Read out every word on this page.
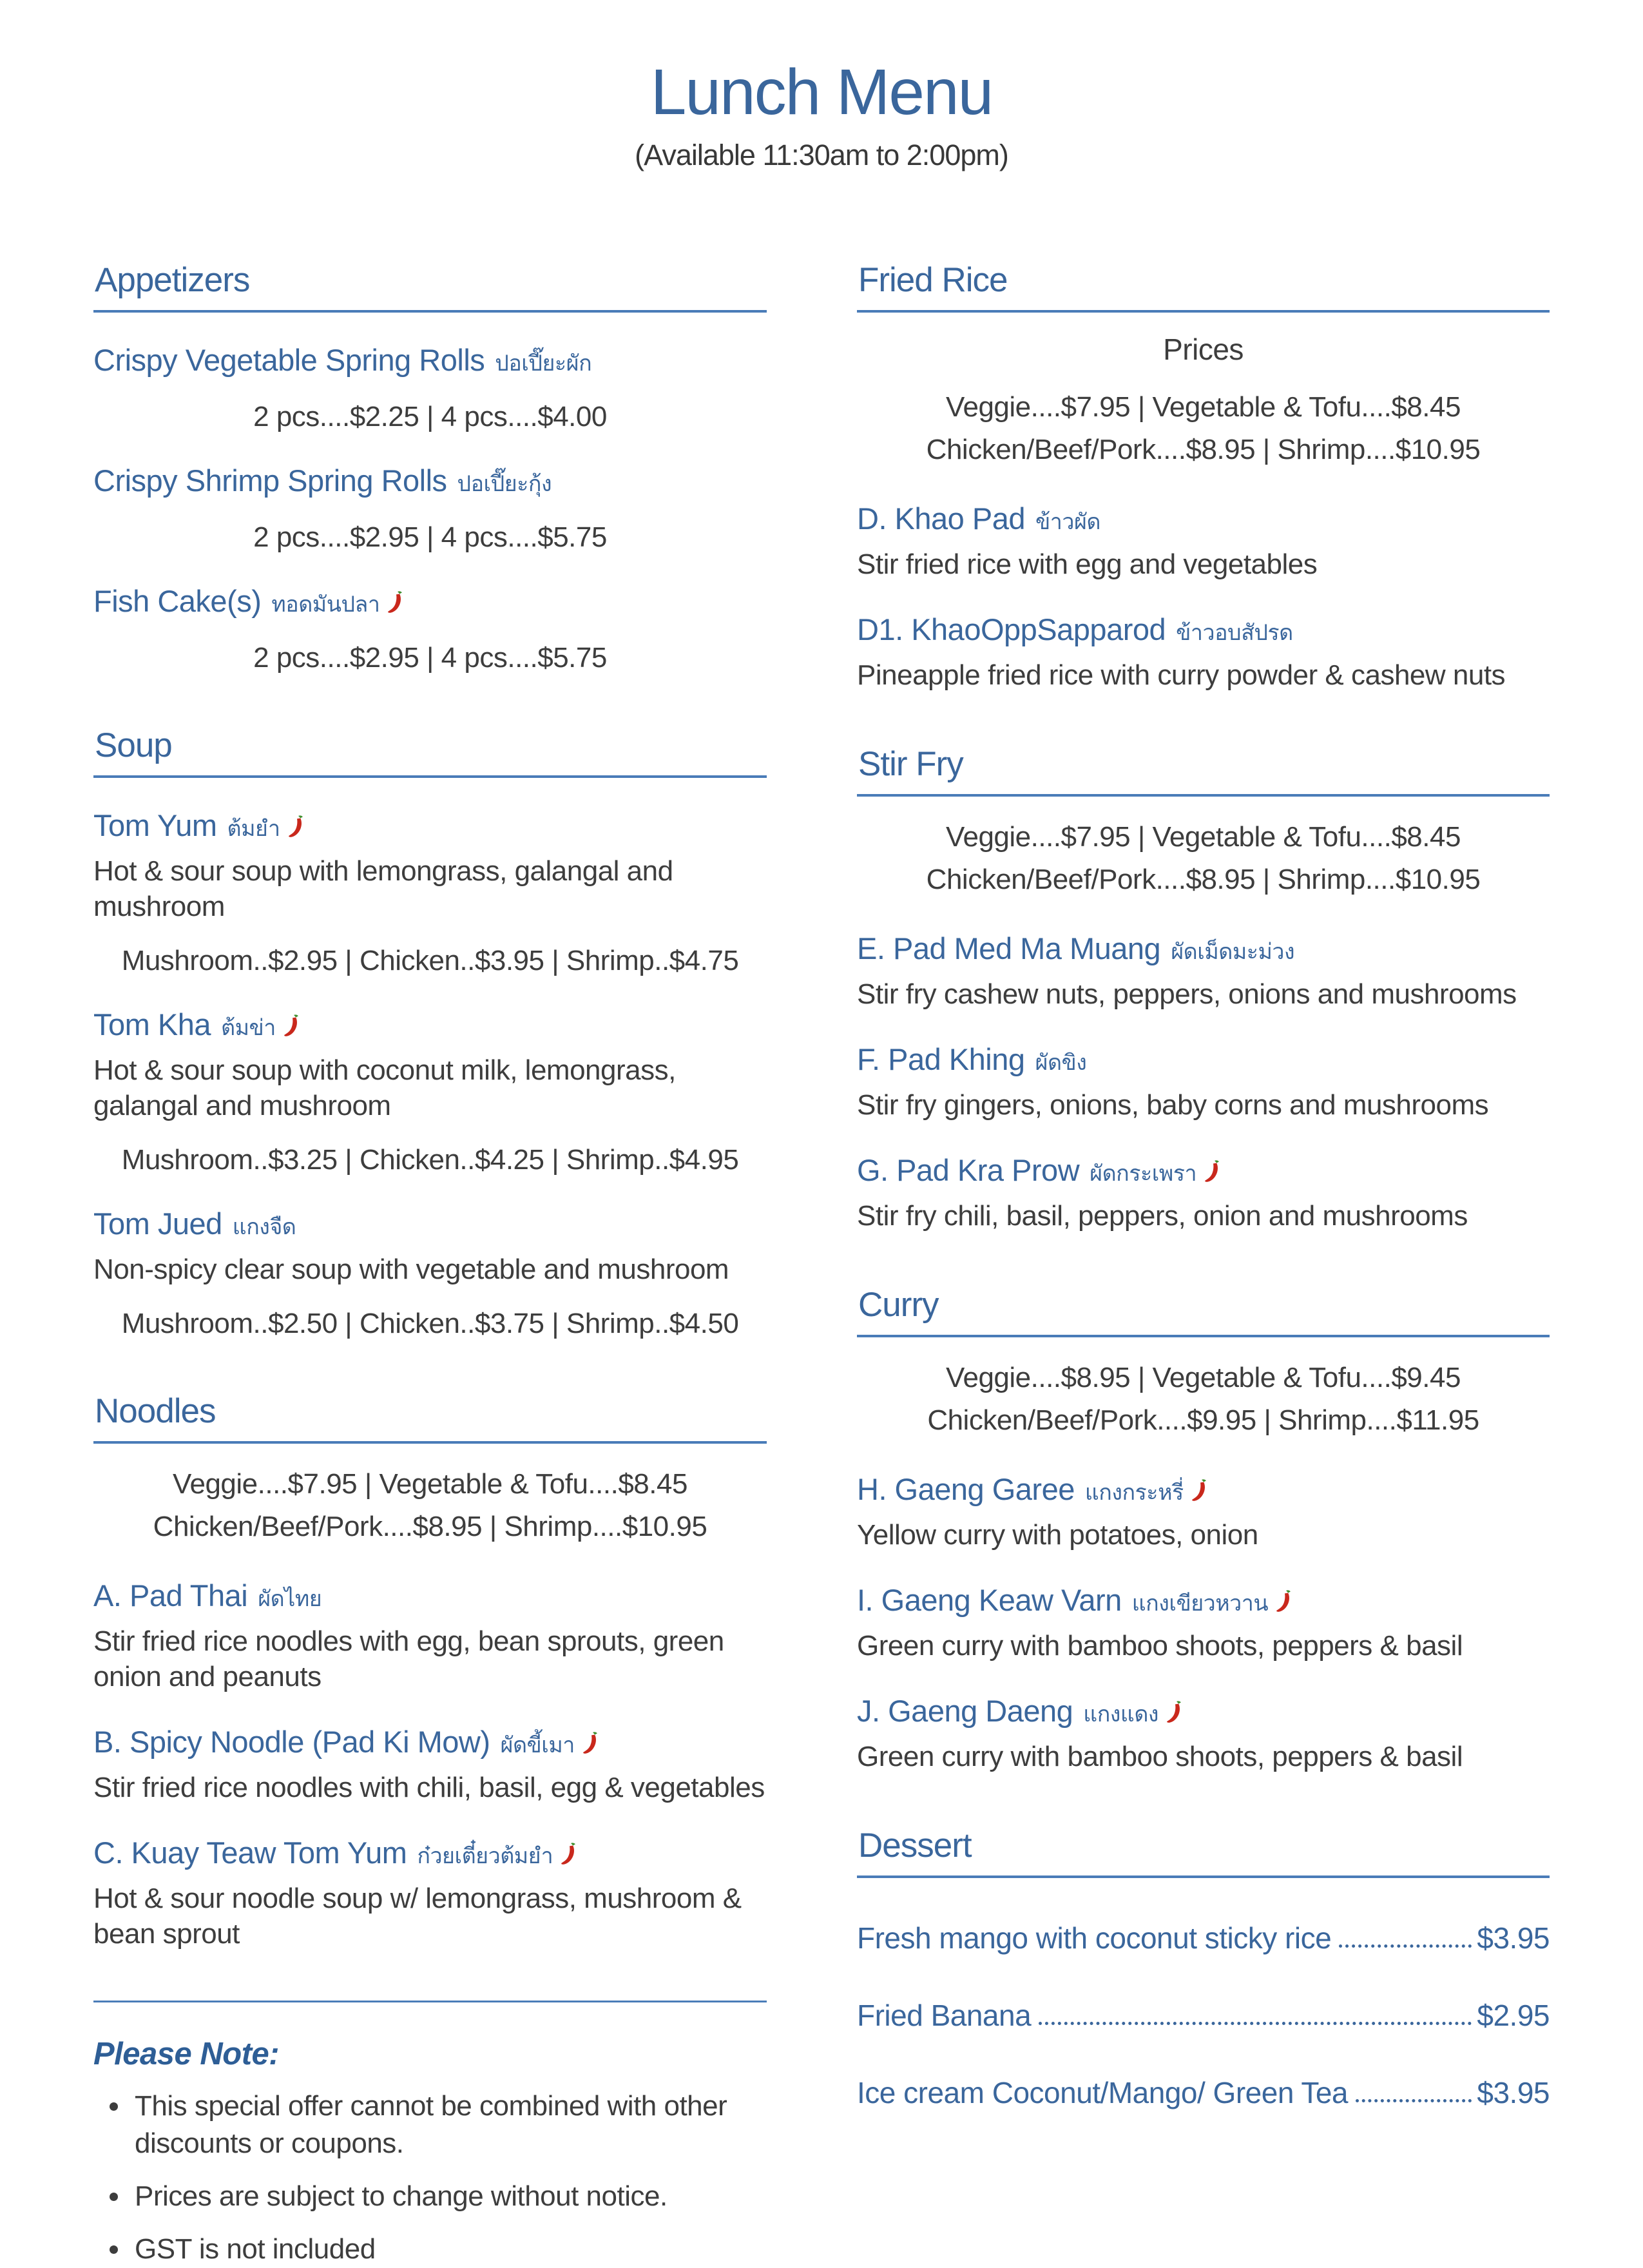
Lunch Menu
(Available 11:30am to 2:00pm)
Appetizers
Crispy Vegetable Spring Rolls ปอเปี๊ยะผัก
2 pcs....$2.25 | 4 pcs....$4.00
Crispy Shrimp Spring Rolls ปอเปี๊ยะกุ้ง
2 pcs....$2.95 | 4 pcs....$5.75
Fish Cake(s) ทอดมันปลา
2 pcs....$2.95 | 4 pcs....$5.75
Soup
Tom Yum ต้มยำ

Hot & sour soup with lemongrass, galangal and mushroom

Mushroom..$2.95 | Chicken..$3.95 | Shrimp..$4.75
Tom Kha ต้มข่า

Hot & sour soup with coconut milk, lemongrass, galangal and mushroom

Mushroom..$3.25 | Chicken..$4.25 | Shrimp..$4.95
Tom Jued แกงจืด

Non-spicy clear soup with vegetable and mushroom

Mushroom..$2.50 | Chicken..$3.75 | Shrimp..$4.50
Noodles
Veggie....$7.95 | Vegetable & Tofu....$8.45
Chicken/Beef/Pork....$8.95 | Shrimp....$10.95
A. Pad Thai ผัดไทย

Stir fried rice noodles with egg, bean sprouts, green onion and peanuts

B. Spicy Noodle (Pad Ki Mow) ผัดขี้เมา

Stir fried rice noodles with chili, basil, egg & vegetables

C. Kuay Teaw Tom Yum ก๋วยเตี๋ยวต้มยำ

Hot & sour noodle soup w/ lemongrass, mushroom & bean sprout

Please Note:
• This special offer cannot be combined with other discounts or coupons.
• Prices are subject to change without notice.
• GST is not included
Fried Rice
Prices
Veggie....$7.95 | Vegetable & Tofu....$8.45
Chicken/Beef/Pork....$8.95 | Shrimp....$10.95
D. Khao Pad ข้าวผัด

Stir fried rice with egg and vegetables

D1. KhaoOppSapparod ข้าวอบสัปรด

Pineapple fried rice with curry powder & cashew nuts

Stir Fry
Veggie....$7.95 | Vegetable & Tofu....$8.45
Chicken/Beef/Pork....$8.95 | Shrimp....$10.95
E. Pad Med Ma Muang ผัดเม็ดมะม่วง

Stir fry cashew nuts, peppers, onions and mushrooms

F. Pad Khing ผัดขิง

Stir fry gingers, onions, baby corns and mushrooms

G. Pad Kra Prow ผัดกระเพรา

Stir fry chili, basil, peppers, onion and mushrooms

Curry
Veggie....$8.95 | Vegetable & Tofu....$9.45
Chicken/Beef/Pork....$9.95 | Shrimp....$11.95
H. Gaeng Garee แกงกระหรี่

Yellow curry with potatoes, onion

I. Gaeng Keaw Varn แกงเขียวหวาน

Green curry with bamboo shoots, peppers & basil

J. Gaeng Daeng แกงแดง

Green curry with bamboo shoots, peppers & basil

Dessert
Fresh mango with coconut sticky rice	$3.95
Fried Banana	$2.95
Ice cream Coconut/Mango/ Green Tea	$3.95
